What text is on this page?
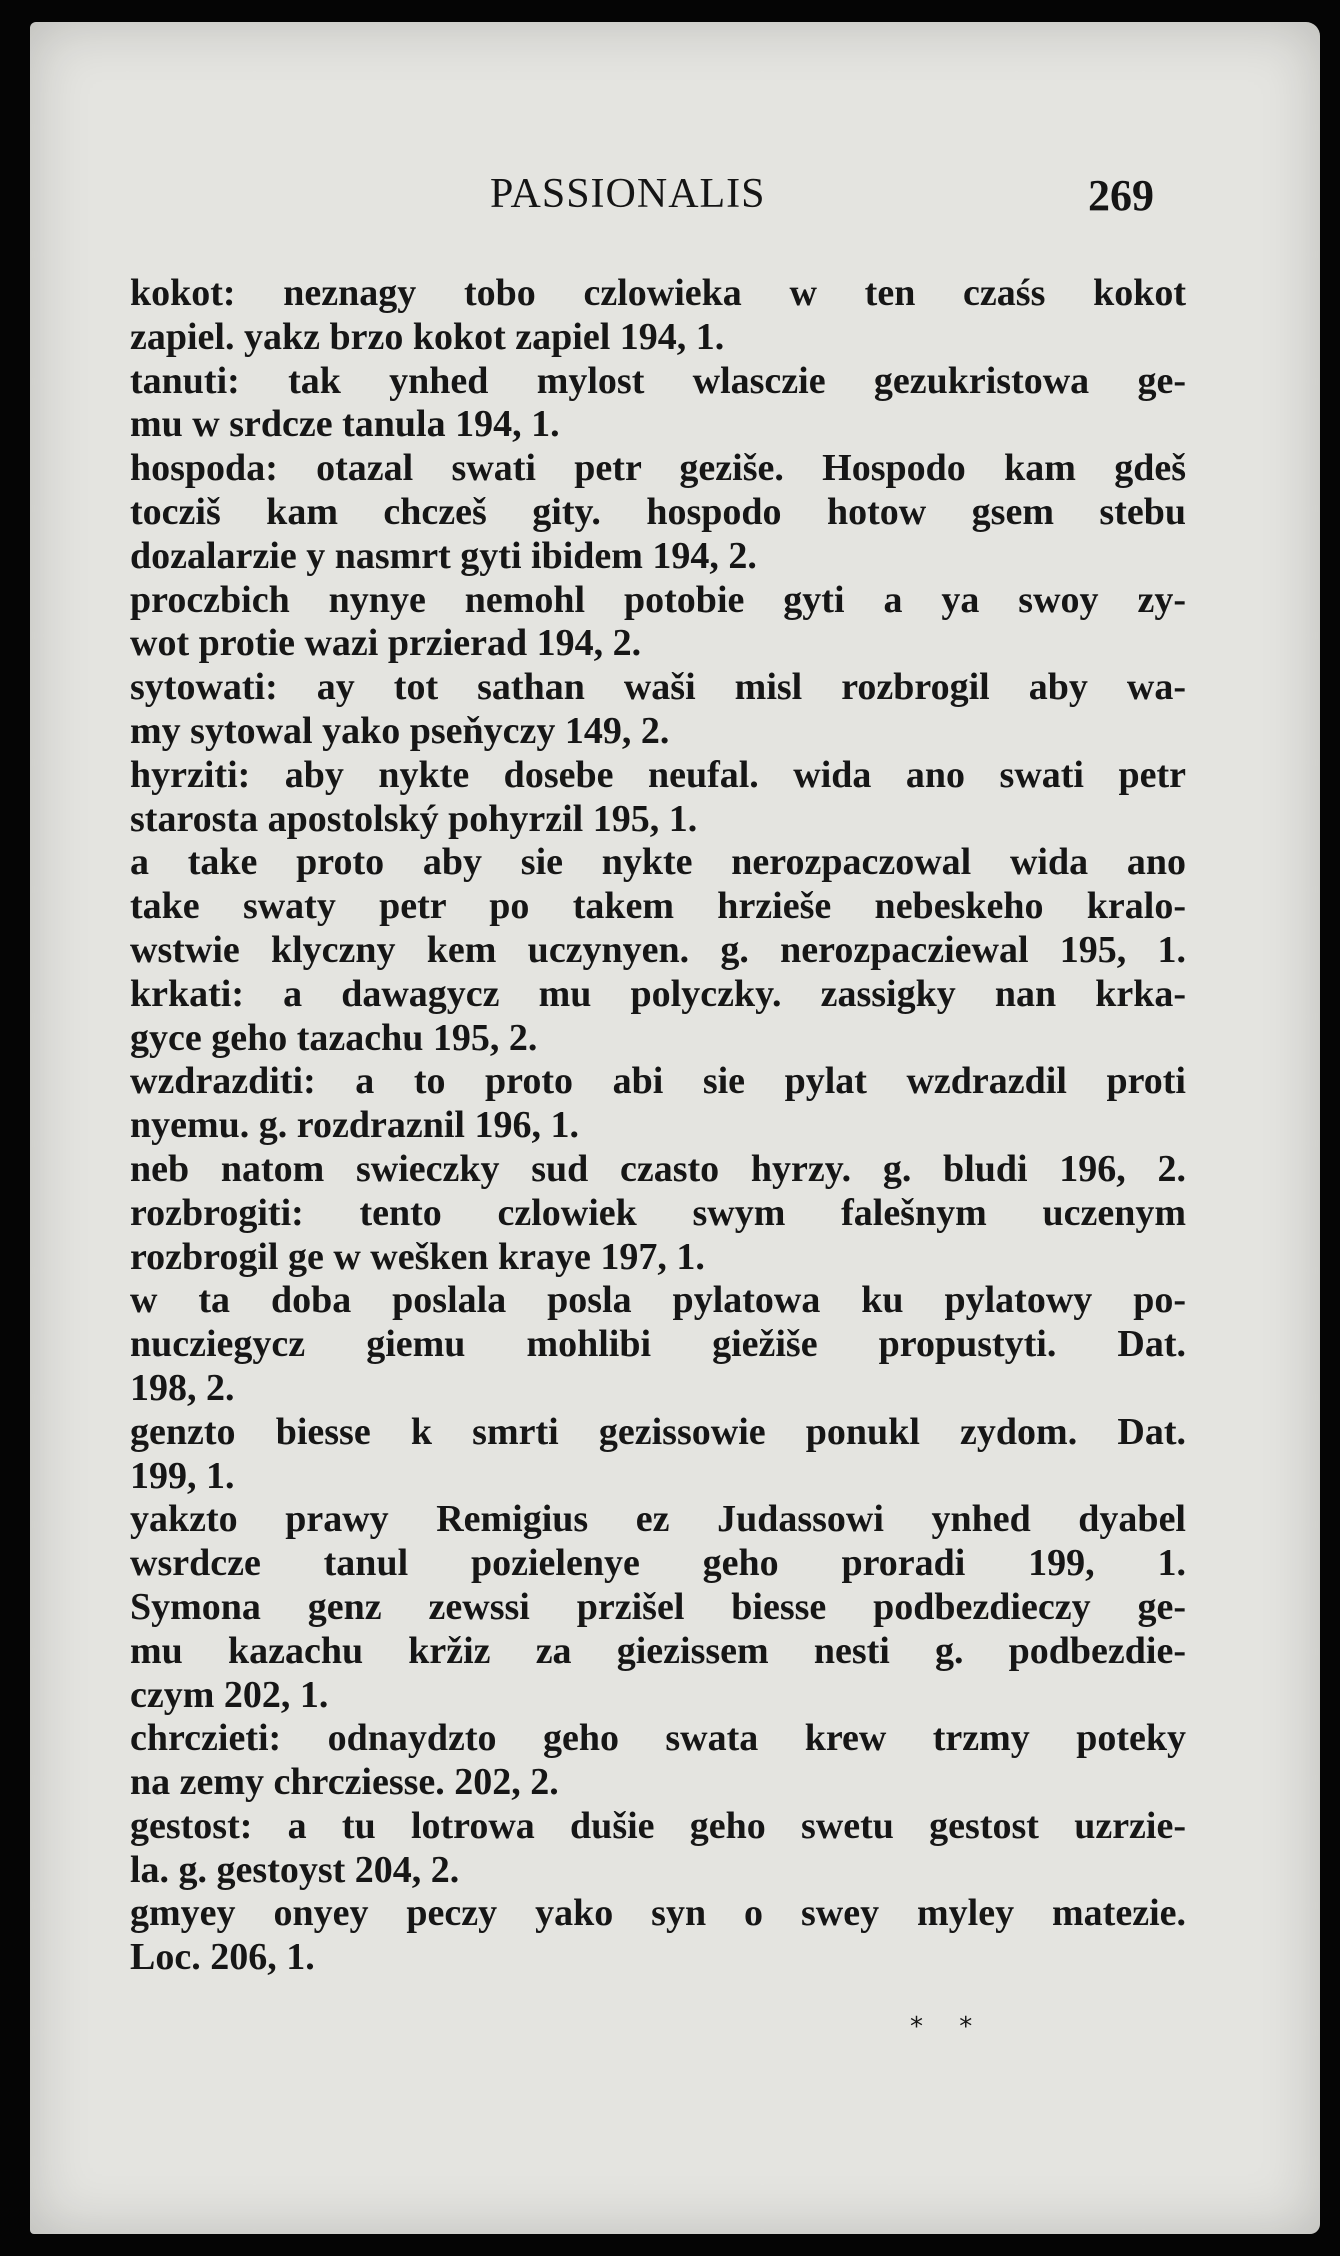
PASSIONALIS	269
kokot: neznagy tobo czlowieka w ten czaśs kokot
zapiel. yakz brzo kokot zapiel 194, 1.
tanuti: tak ynhed mylost wlasczie gezukristowa ge-
mu w srdcze tanula 194, 1.
hospoda: otazal swati petr geziše. Hospodo kam gdeš
tocziš kam chczeš gity. hospodo hotow gsem stebu
dozalarzie y nasmrt gyti ibidem 194, 2.
proczbich nynye nemohl potobie gyti a ya swoy zy-
wot protie wazi przierad 194, 2.
sytowati: ay tot sathan waši misl rozbrogil aby wa-
my sytowal yako pseňyczy 149, 2.
hyrziti: aby nykte dosebe neufal. wida ano swati petr
starosta apostolský pohyrzil 195, 1.
a take proto aby sie nykte nerozpaczowal wida ano
take swaty petr po takem hrzieše nebeskeho kralo-
wstwie klyczny kem uczynyen. g. nerozpacziewal 195, 1.
krkati: a dawagycz mu polyczky. zassigky nan krka-
gyce geho tazachu 195, 2.
wzdrazditi: a to proto abi sie pylat wzdrazdil proti
nyemu. g. rozdraznil 196, 1.
neb natom swieczky sud czasto hyrzy. g. bludi 196, 2.
rozbrogiti: tento czlowiek swym falešnym uczenym
rozbrogil ge w wešken kraye 197, 1.
w ta doba poslala posla pylatowa ku pylatowy po-
nucziegycz giemu mohlibi giežiše propustyti. Dat.
198, 2.
genzto biesse k smrti gezissowie ponukl zydom. Dat.
199, 1.
yakzto prawy Remigius ez Judassowi ynhed dyabel
wsrdcze tanul pozielenye geho proradi 199, 1.
Symona genz zewssi przišel biesse podbezdieczy ge-
mu kazachu kržiz za giezissem nesti g. podbezdie-
czym 202, 1.
chrczieti: odnaydzto geho swata krew trzmy poteky
na zemy chrcziesse. 202, 2.
gestost: a tu lotrowa dušie geho swetu gestost uzrzie-
la. g. gestoyst 204, 2.
gmyey onyey peczy yako syn o swey myley matezie.
Loc. 206, 1.
* *
